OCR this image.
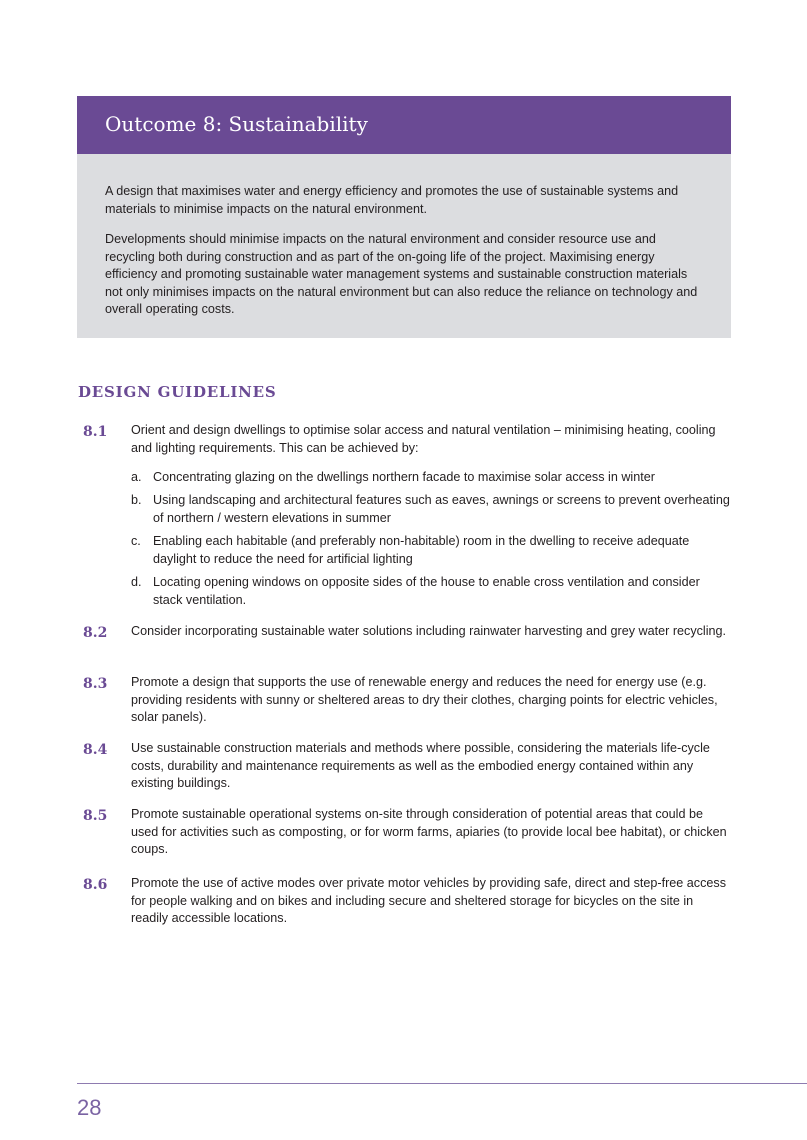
Outcome 8: Sustainability

A design that maximises water and energy efficiency and promotes the use of sustainable systems and materials to minimise impacts on the natural environment.

Developments should minimise impacts on the natural environment and consider resource use and recycling both during construction and as part of the on-going life of the project. Maximising energy efficiency and promoting sustainable water management systems and sustainable construction materials not only minimises impacts on the natural environment but can also reduce the reliance on technology and overall operating costs.

DESIGN GUIDELINES
8.1 Orient and design dwellings to optimise solar access and natural ventilation – minimising heating, cooling and lighting requirements. This can be achieved by:

a. Concentrating glazing on the dwellings northern facade to maximise solar access in winter
b. Using landscaping and architectural features such as eaves, awnings or screens to prevent overheating of northern / western elevations in summer
c. Enabling each habitable (and preferably non-habitable) room in the dwelling to receive adequate daylight to reduce the need for artificial lighting
d. Locating opening windows on opposite sides of the house to enable cross ventilation and consider stack ventilation.
8.2 Consider incorporating sustainable water solutions including rainwater harvesting and grey water recycling.

8.3 Promote a design that supports the use of renewable energy and reduces the need for energy use (e.g. providing residents with sunny or sheltered areas to dry their clothes, charging points for electric vehicles, solar panels).

8.4 Use sustainable construction materials and methods where possible, considering the materials life-cycle costs, durability and maintenance requirements as well as the embodied energy contained within any existing buildings.

8.5 Promote sustainable operational systems on-site through consideration of potential areas that could be used for activities such as composting, or for worm farms, apiaries (to provide local bee habitat), or chicken coups.

8.6 Promote the use of active modes over private motor vehicles by providing safe, direct and step-free access for people walking and on bikes and including secure and sheltered storage for bicycles on the site in readily accessible locations.

28
